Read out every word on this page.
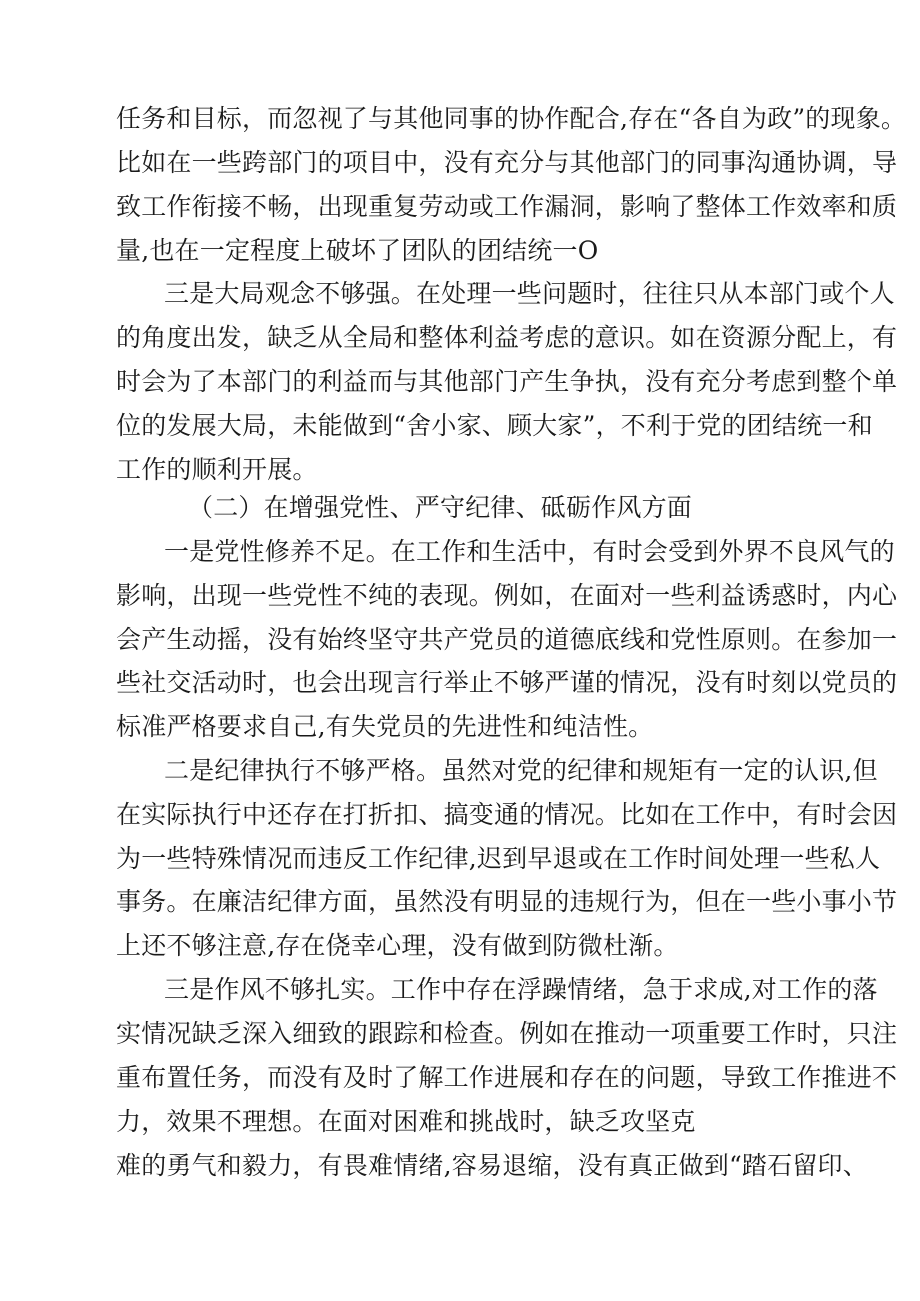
任务和目标，而忽视了与其他同事的协作配合,存在“各自为政”的现象。
比如在一些跨部门的项目中，没有充分与其他部门的同事沟通协调，导
致工作衔接不畅，出现重复劳动或工作漏洞，影响了整体工作效率和质
量,也在一定程度上破坏了团队的团结统一O
三是大局观念不够强。在处理一些问题时，往往只从本部门或个人
的角度出发，缺乏从全局和整体利益考虑的意识。如在资源分配上，有
时会为了本部门的利益而与其他部门产生争执，没有充分考虑到整个单
位的发展大局，未能做到“舍小家、顾大家”，不利于党的团结统一和
工作的顺利开展。
（二）在增强党性、严守纪律、砥砺作风方面
一是党性修养不足。在工作和生活中，有时会受到外界不良风气的
影响，出现一些党性不纯的表现。例如，在面对一些利益诱惑时，内心
会产生动摇，没有始终坚守共产党员的道德底线和党性原则。在参加一
些社交活动时，也会出现言行举止不够严谨的情况，没有时刻以党员的
标准严格要求自己,有失党员的先进性和纯洁性。
二是纪律执行不够严格。虽然对党的纪律和规矩有一定的认识,但
在实际执行中还存在打折扣、搞变通的情况。比如在工作中，有时会因
为一些特殊情况而违反工作纪律,迟到早退或在工作时间处理一些私人
事务。在廉洁纪律方面，虽然没有明显的违规行为，但在一些小事小节
上还不够注意,存在侥幸心理，没有做到防微杜渐。
三是作风不够扎实。工作中存在浮躁情绪，急于求成,对工作的落
实情况缺乏深入细致的跟踪和检查。例如在推动一项重要工作时，只注
重布置任务，而没有及时了解工作进展和存在的问题，导致工作推进不
力，效果不理想。在面对困难和挑战时，缺乏攻坚克
难的勇气和毅力，有畏难情绪,容易退缩，没有真正做到“踏石留印、
